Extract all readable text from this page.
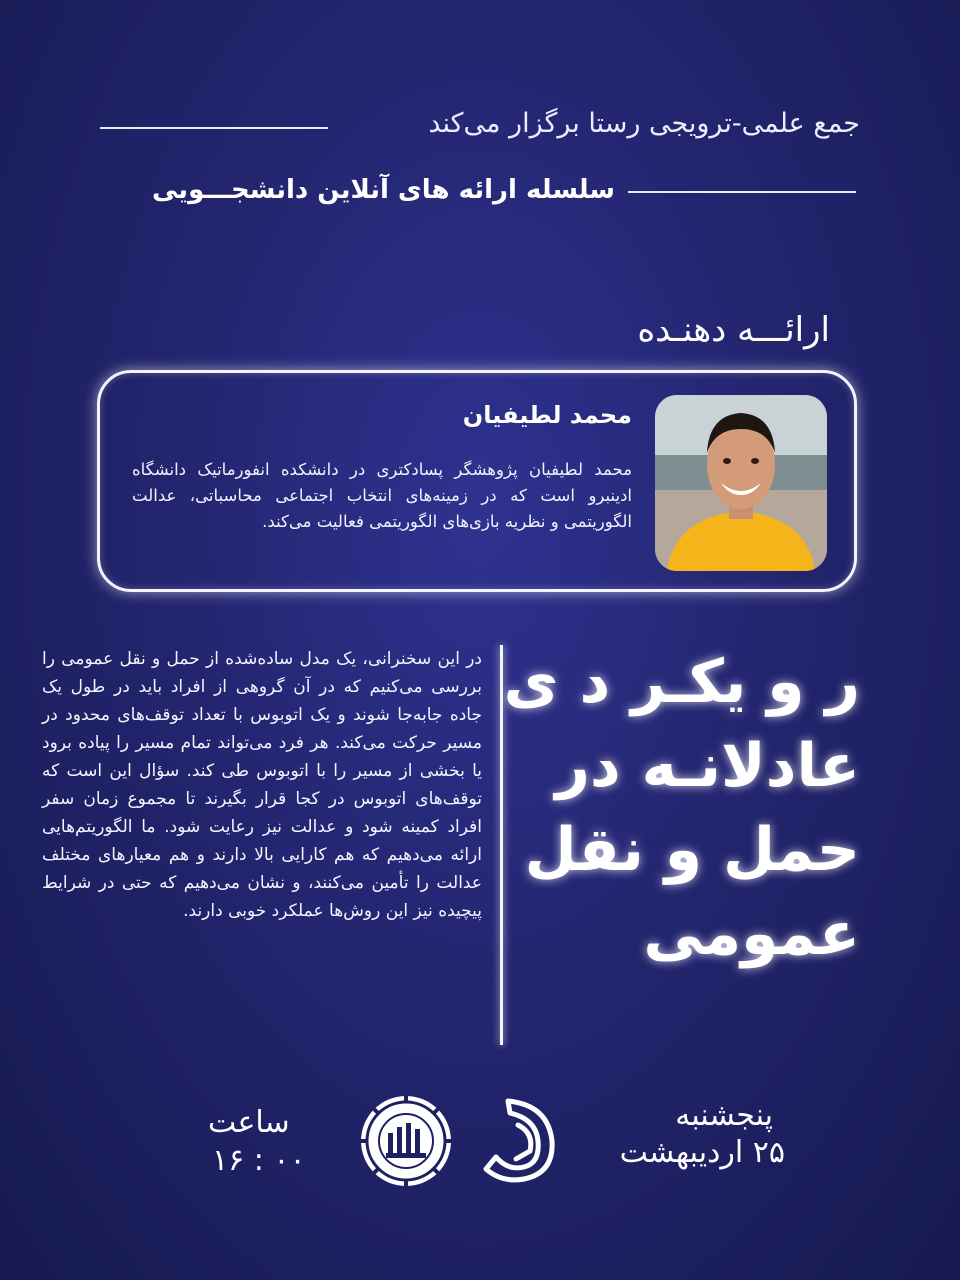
جمع علمی-ترویجی رستا برگزار می‌کند
سلسله ارائه های آنلاین دانشجـــویی
ارائـــه دهنـده
محمد لطیفیان
محمد لطیفیان پژوهشگر پسادکتری در دانشکده انفورماتیک دانشگاه ادینبرو است که در زمینه‌های انتخاب اجتماعی محاسباتی، عدالت الگوریتمی و نظریه بازی‌های الگوریتمی فعالیت می‌کند.
در این سخنرانی، یک مدل ساده‌شده از حمل و نقل عمومی را بررسی می‌کنیم که در آن گروهی از افراد باید در طول یک جاده جابه‌جا شوند و یک اتوبوس با تعداد توقف‌های محدود در مسیر حرکت می‌کند. هر فرد می‌تواند تمام مسیر را پیاده برود یا بخشی از مسیر را با اتوبوس طی کند. سؤال این است که توقف‌های اتوبوس در کجا قرار بگیرند تا مجموع زمان سفر افراد کمینه شود و عدالت نیز رعایت شود. ما الگوریتم‌هایی ارائه می‌دهیم که هم کارایی بالا دارند و هم معیارهای مختلف عدالت را تأمین می‌کنند، و نشان می‌دهیم که حتی در شرایط پیچیده نیز این روش‌ها عملکرد خوبی دارند.
ر و یکـر د ی
عادلانـه در
حمل و نقل
عمومی
ساعت
۱۶ : ۰۰
پنجشنبه
۲۵ اردیبهشت
